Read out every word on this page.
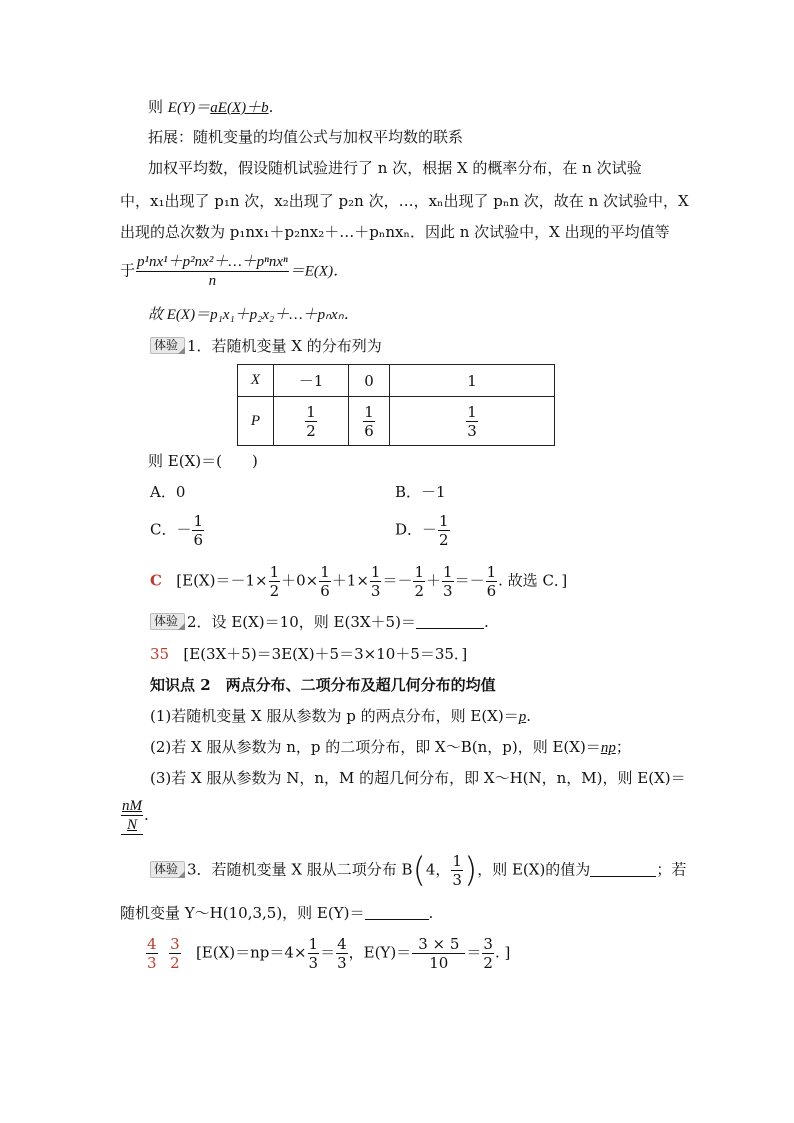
则 E(Y)＝aE(X)＋b.
拓展：随机变量的均值公式与加权平均数的联系
加权平均数，假设随机试验进行了 n 次，根据 X 的概率分布，在 n 次试验
中，x₁出现了 p₁n 次，x₂出现了 p₂n 次，…，xₙ出现了 pₙn 次，故在 n 次试验中，X
出现的总次数为 p₁nx₁＋p₂nx₂＋…＋pₙnxₙ．因此 n 次试验中，X 出现的平均值等
于 $\frac{\text{p¹nx¹＋p²nx²＋…＋pⁿnxⁿ}}{n} =E(X)$．
故 E(X)＝p₁x₁＋p₂x₂＋…＋pₙxₙ．
体验 1．若随机变量 X 的分布列为
X	－1	0	1
P	$\frac{1}{2}$	$\frac{1}{6}$	$\frac{1}{3}$
则 E(X)＝(　　)
A．0	B．－1
C．－ $\frac{1}{6}$	D．－ $\frac{1}{2}$
C [$E(X)=-1\times \frac{1}{2} +0\times \frac{1}{6} +1\times \frac{1}{3} =- \frac{1}{2} + \frac{1}{3} =- \frac{1}{6}$ . 故选 C．]
体验 2．设 E(X)＝10，则 E(3X＋5)＝	.
35 [E(3X＋5)＝3E(X)＋5＝3×10＋5＝35．]
知识点 2　两点分布、二项分布及超几何分布的均值
(1)若随机变量 X 服从参数为 p 的两点分布，则 E(X)＝p.
(2)若 X 服从参数为 n，p 的二项分布，即 X～B(n，p)，则 E(X)＝np；
(3)若 X 服从参数为 N，n，M 的超几何分布，即 X～H(N，n，M)，则 E(X)＝
$\frac{nM}{N}$ .
体验 3．若随机变量 X 服从二项分布 B(4， $\frac{1}{3}$ )，则 E(X)的值为	；若
随机变量 Y～H(10,3,5)，则 E(Y)＝	.
$\frac{4}{3}$
$\frac{3}{2} [E(X)=np=4\times \frac{1}{3} = \frac{4}{3}$ ，$E(Y)= \frac{3 \times 5}{10} = \frac{3}{2}$ . ]
